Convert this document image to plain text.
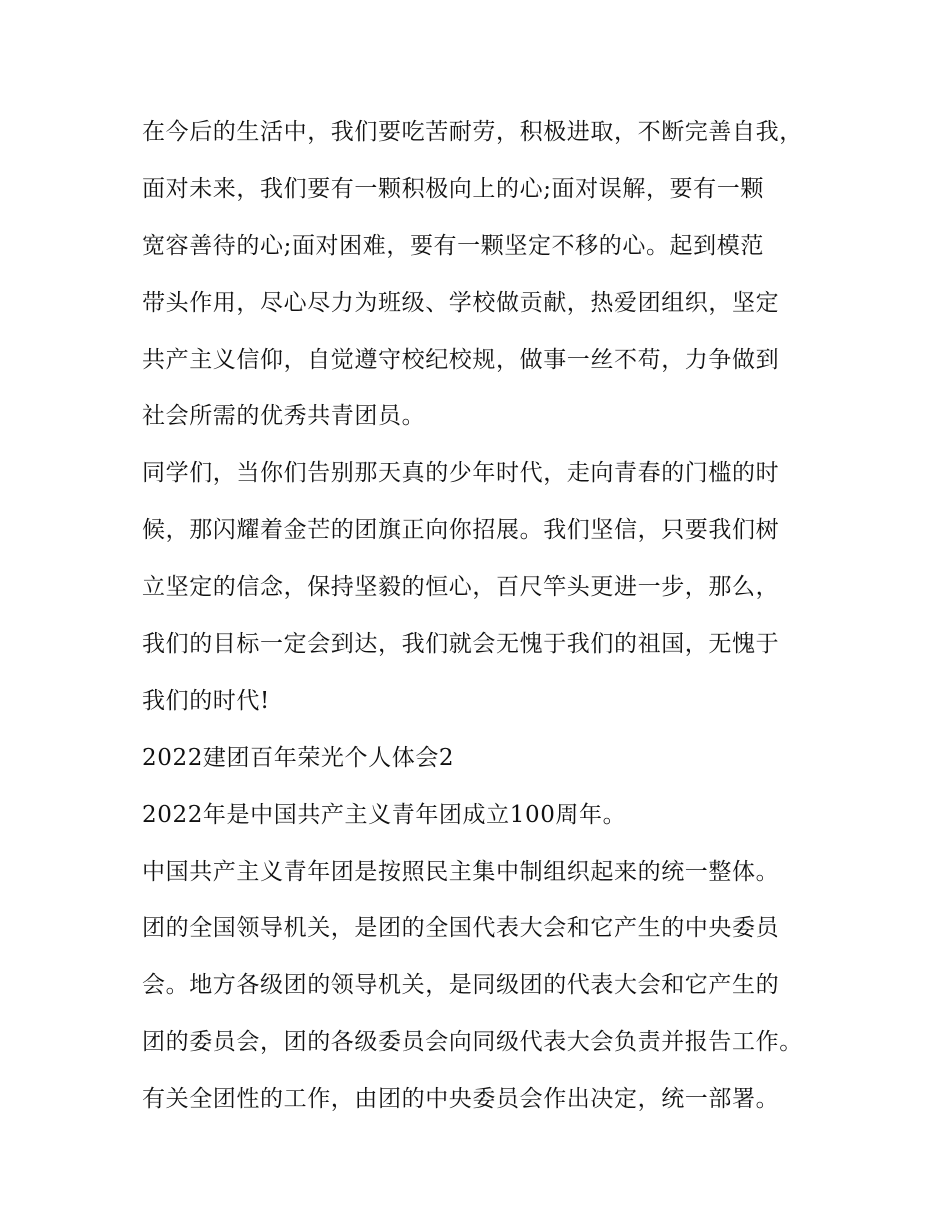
在今后的生活中，我们要吃苦耐劳，积极进取，不断完善自我，
面对未来，我们要有一颗积极向上的心;面对误解，要有一颗
宽容善待的心;面对困难，要有一颗坚定不移的心。起到模范
带头作用，尽心尽力为班级、学校做贡献，热爱团组织，坚定
共产主义信仰，自觉遵守校纪校规，做事一丝不苟，力争做到
社会所需的优秀共青团员。
同学们，当你们告别那天真的少年时代，走向青春的门槛的时
候，那闪耀着金芒的团旗正向你招展。我们坚信，只要我们树
立坚定的信念，保持坚毅的恒心，百尺竿头更进一步，那么，
我们的目标一定会到达，我们就会无愧于我们的祖国，无愧于
我们的时代!
2022建团百年荣光个人体会2
2022年是中国共产主义青年团成立100周年。
中国共产主义青年团是按照民主集中制组织起来的统一整体。
团的全国领导机关，是团的全国代表大会和它产生的中央委员
会。地方各级团的领导机关，是同级团的代表大会和它产生的
团的委员会，团的各级委员会向同级代表大会负责并报告工作。
有关全团性的工作，由团的中央委员会作出决定，统一部署。
